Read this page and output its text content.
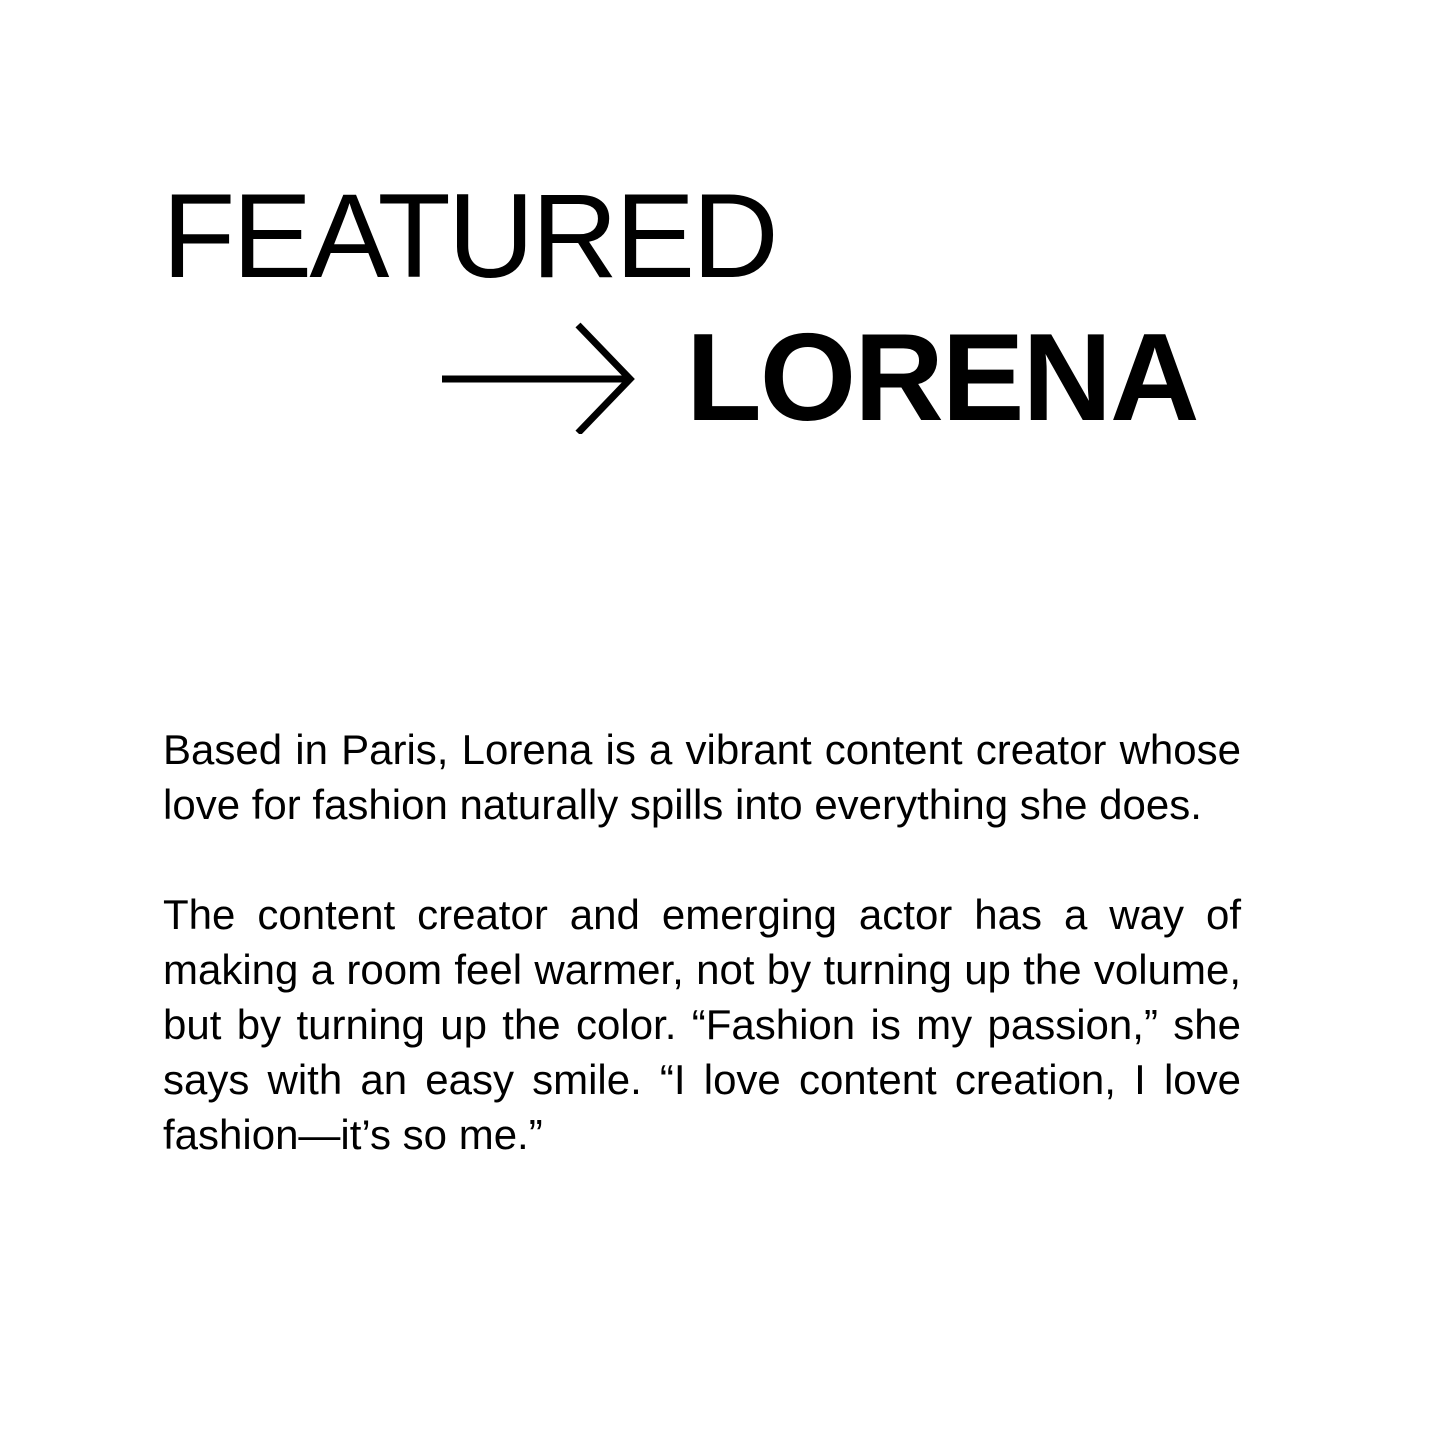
FEATURED
LORENA

Based in Paris, Lorena is a vibrant content creator whose love for fashion naturally spills into everything she does.

The content creator and emerging actor has a way of making a room feel warmer, not by turning up the volume, but by turning up the color. “Fashion is my passion,” she says with an easy smile. “I love content creation, I love fashion—it’s so me.”
